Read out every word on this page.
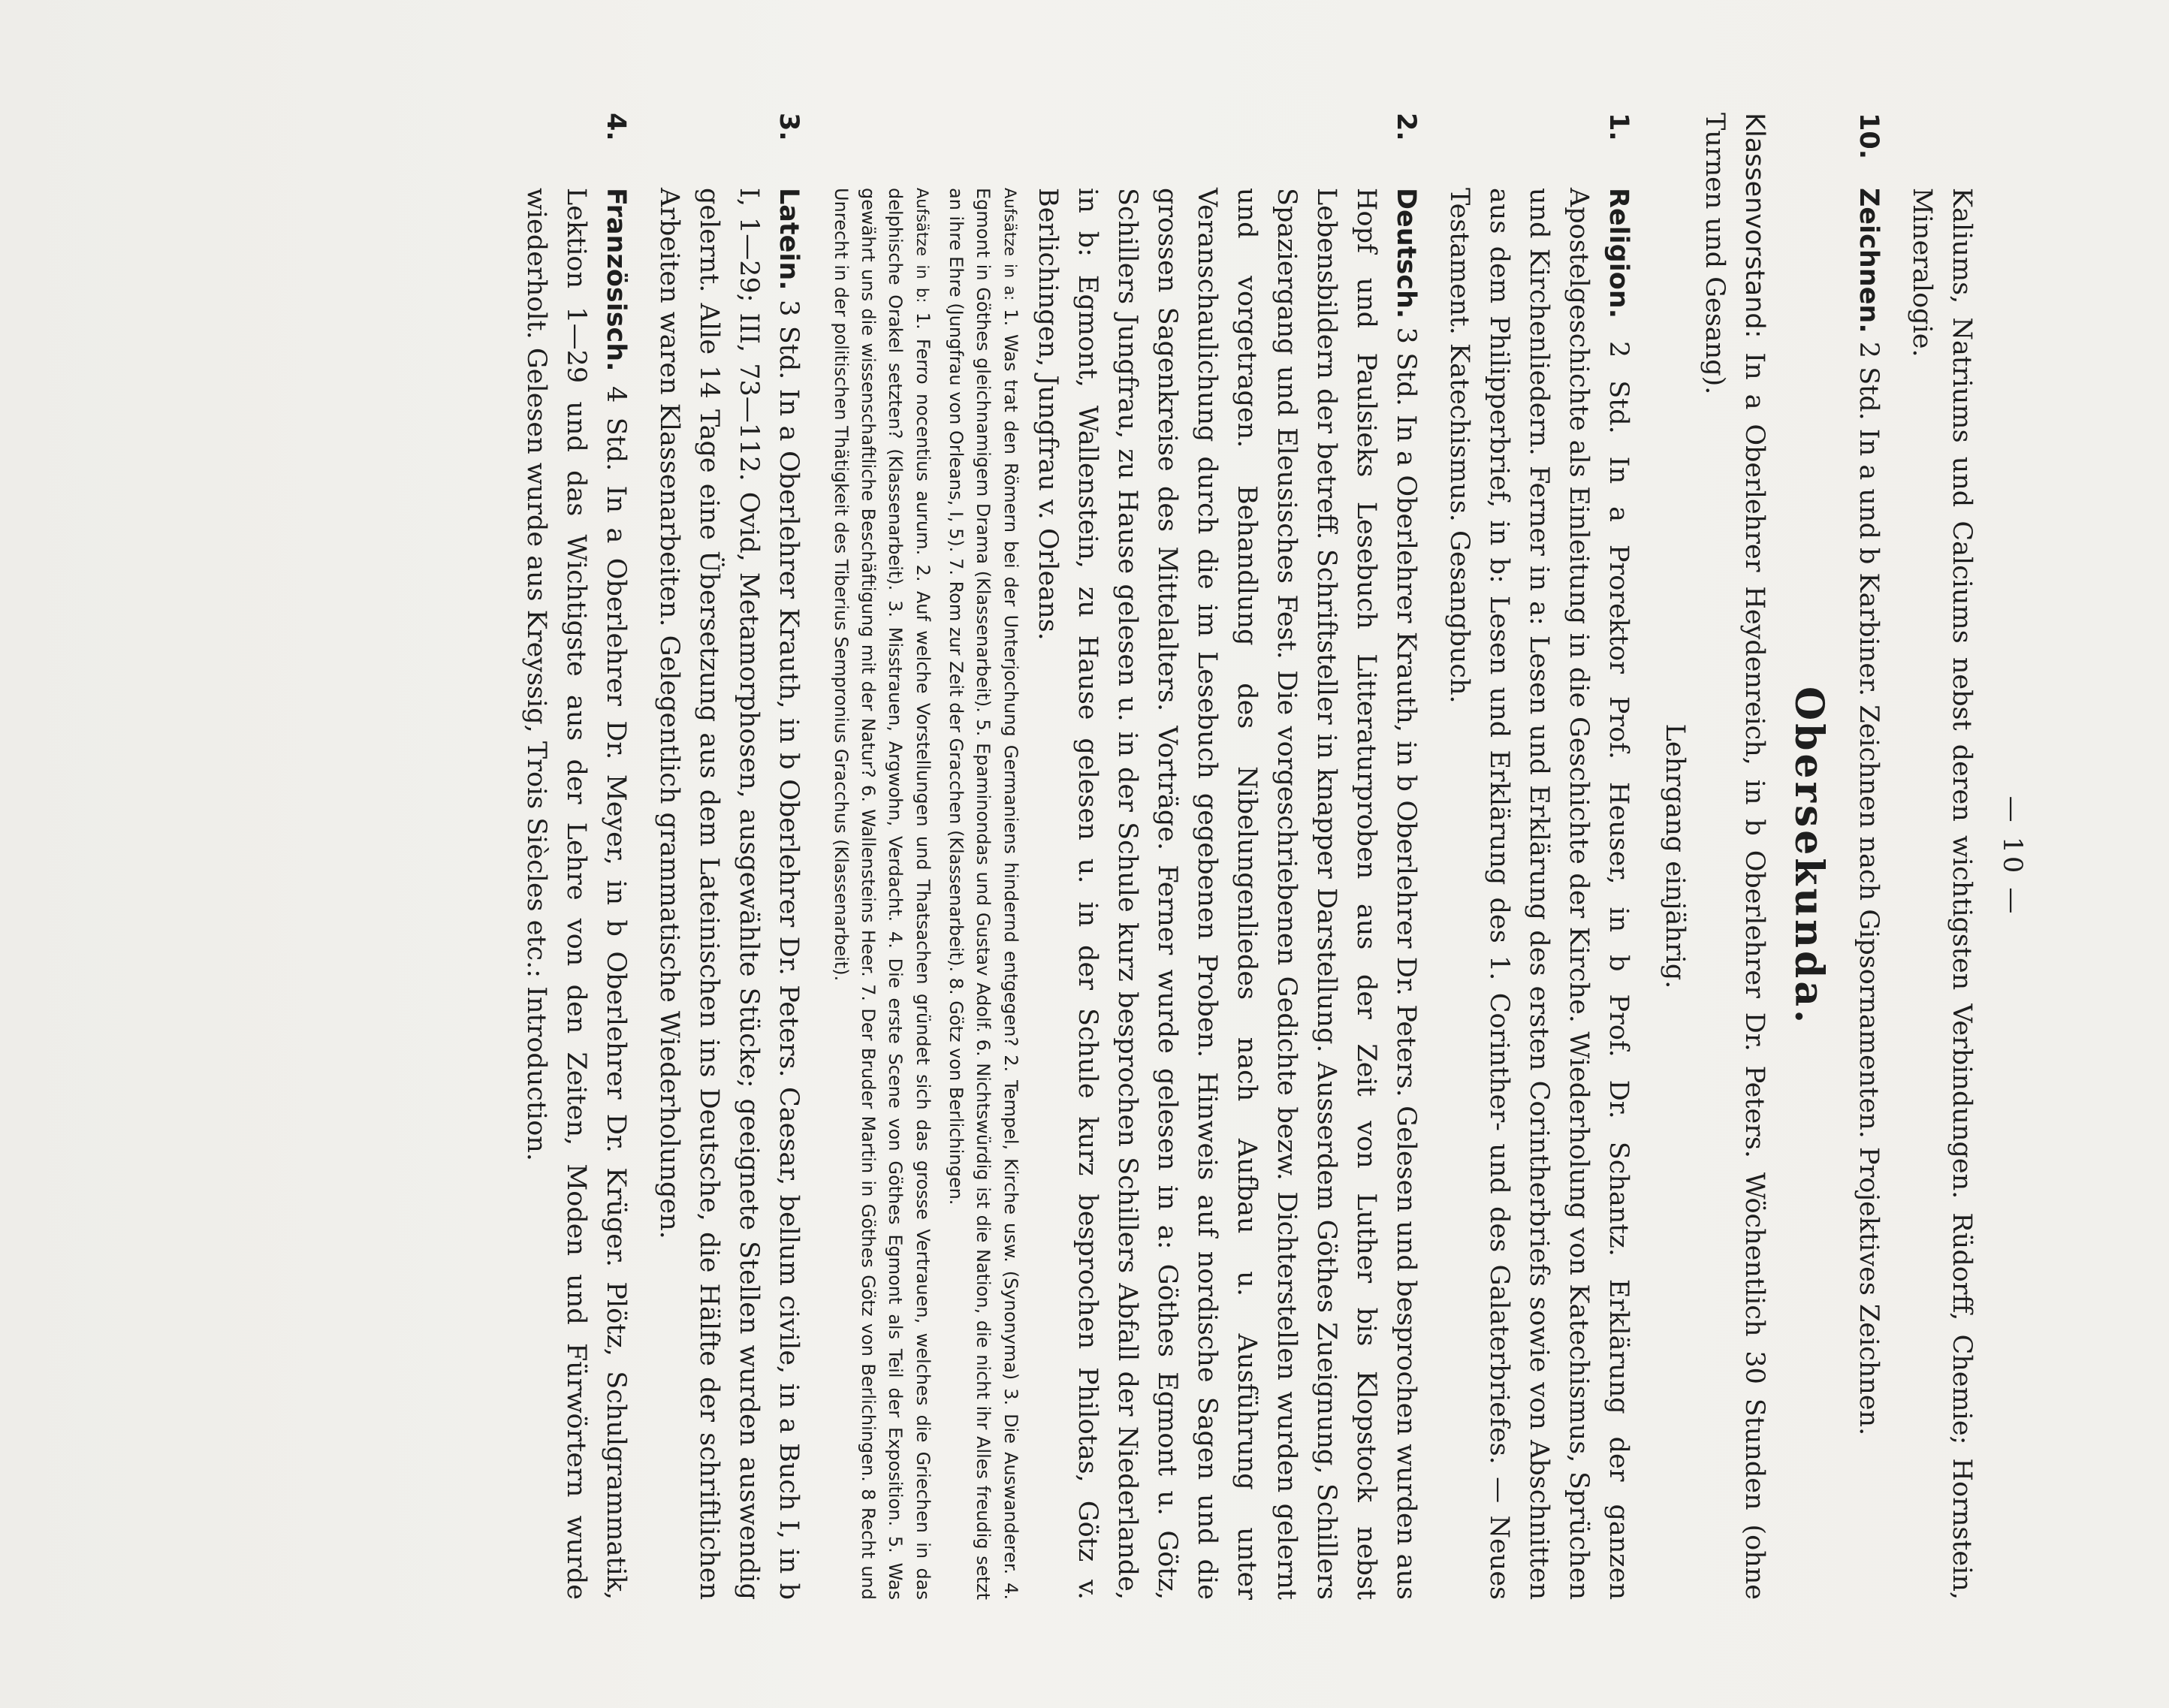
— 10 —

Kaliums, Natriums und Calciums nebst deren wichtigsten Verbindungen. Rüdorff, Chemie; Hornstein, Mineralogie.

10.
Zeichnen. 2 Std. In a und b Karbiner. Zeichnen nach Gipsornamenten. Projektives Zeichnen.
Obersekunda.
Klassenvorstand: In a Oberlehrer Heydenreich, in b Oberlehrer Dr. Peters. Wöchentlich 30 Stunden (ohne Turnen und Gesang).
Lehrgang einjährig.
1.
Religion. 2 Std. In a Prorektor Prof. Heuser, in b Prof. Dr. Schantz. Erklärung der ganzen Apostelgeschichte als Einleitung in die Geschichte der Kirche. Wiederholung von Katechismus, Sprüchen und Kirchenliedern. Ferner in a: Lesen und Erklärung des ersten Corintherbriefs sowie von Abschnitten aus dem Philipperbrief, in b: Lesen und Erklärung des 1. Corinther- und des Galaterbriefes. — Neues Testament. Katechismus. Gesangbuch.
2.
Deutsch. 3 Std. In a Oberlehrer Krauth, in b Oberlehrer Dr. Peters. Gelesen und besprochen wurden aus Hopf und Paulsieks Lesebuch Litteraturproben aus der Zeit von Luther bis Klopstock nebst Lebensbildern der betreff. Schriftsteller in knapper Darstellung. Ausserdem Göthes Zueignung, Schillers Spaziergang und Eleusisches Fest. Die vorgeschriebenen Gedichte bezw. Dichterstellen wurden gelernt und vorgetragen. Behandlung des Nibelungenliedes nach Aufbau u. Ausführung unter Veranschaulichung durch die im Lesebuch gegebenen Proben. Hinweis auf nordische Sagen und die grossen Sagenkreise des Mittelalters. Vorträge. Ferner wurde gelesen in a: Göthes Egmont u. Götz, Schillers Jungfrau, zu Hause gelesen u. in der Schule kurz besprochen Schillers Abfall der Niederlande, in b: Egmont, Wallenstein, zu Hause gelesen u. in der Schule kurz besprochen Philotas, Götz v. Berlichingen, Jungfrau v. Orleans.
Aufsätze in a: 1. Was trat den Römern bei der Unterjochung Germaniens hindernd entgegen? 2. Tempel, Kirche usw. (Synonyma) 3. Die Auswanderer. 4. Egmont in Göthes gleichnamigem Drama (Klassenarbeit). 5. Epaminondas und Gustav Adolf. 6. Nichtswürdig ist die Nation, die nicht ihr Alles freudig setzt an ihre Ehre (Jungfrau von Orleans, I, 5). 7. Rom zur Zeit der Gracchen (Klassenarbeit). 8. Götz von Berlichingen.
Aufsätze in b: 1. Ferro nocentius aurum. 2. Auf welche Vorstellungen und Thatsachen gründet sich das grosse Vertrauen, welches die Griechen in das delphische Orakel setzten? (Klassenarbeit). 3. Misstrauen, Argwohn, Verdacht. 4. Die erste Scene von Göthes Egmont als Teil der Exposition. 5. Was gewährt uns die wissenschaftliche Beschäftigung mit der Natur? 6. Wallensteins Heer. 7. Der Bruder Martin in Göthes Götz von Berlichingen. 8 Recht und Unrecht in der politischen Thätigkeit des Tiberius Sempronius Gracchus (Klassenarbeit).
3.
Latein. 3 Std. In a Oberlehrer Krauth, in b Oberlehrer Dr. Peters. Caesar, bellum civile, in a Buch I, in b I, 1—29; III, 73—112. Ovid, Metamorphosen, ausgewählte Stücke; geeignete Stellen wurden auswendig gelernt. Alle 14 Tage eine Übersetzung aus dem Lateinischen ins Deutsche, die Hälfte der schriftlichen Arbeiten waren Klassenarbeiten. Gelegentlich grammatische Wiederholungen.
4.
Französisch. 4 Std. In a Oberlehrer Dr. Meyer, in b Oberlehrer Dr. Krüger. Plötz, Schulgrammatik, Lektion 1—29 und das Wichtigste aus der Lehre von den Zeiten, Moden und Fürwörtern wurde wiederholt. Gelesen wurde aus Kreyssig, Trois Siècles etc.: Introduction.
